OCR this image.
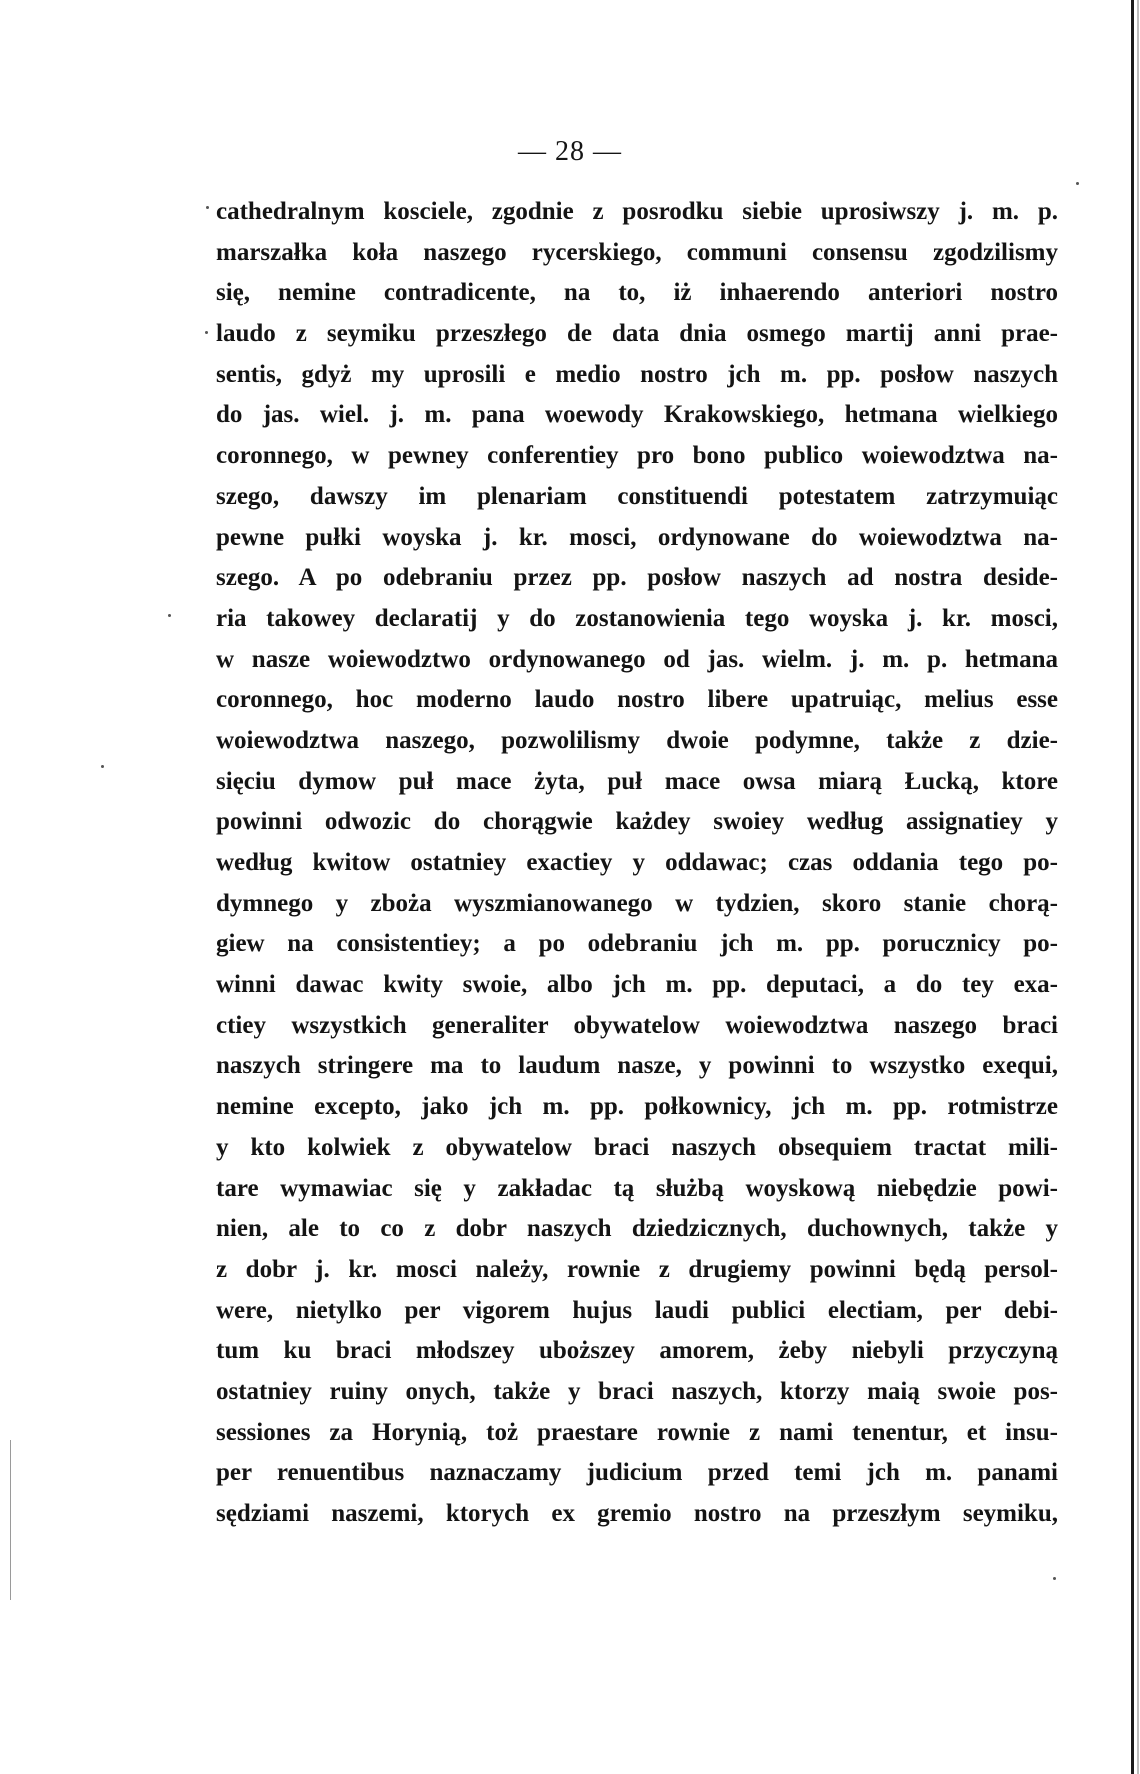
— 28 —
cathedralnym kosciele, zgodnie z posrodku siebie uprosiwszy j. m. p.
marszałka koła naszego rycerskiego, communi consensu zgodzilismy
się, nemine contradicente, na to, iż inhaerendo anteriori nostro
laudo z seymiku przeszłego de data dnia osmego martij anni prae-
sentis, gdyż my uprosili e medio nostro jch m. pp. posłow naszych
do jas. wiel. j. m. pana woewody Krakowskiego, hetmana wielkiego
coronnego, w pewney conferentiey pro bono publico woiewodztwa na-
szego, dawszy im plenariam constituendi potestatem zatrzymuiąc
pewne pułki woyska j. kr. mosci, ordynowane do woiewodztwa na-
szego. A po odebraniu przez pp. posłow naszych ad nostra deside-
ria takowey declaratij y do zostanowienia tego woyska j. kr. mosci,
w nasze woiewodztwo ordynowanego od jas. wielm. j. m. p. hetmana
coronnego, hoc moderno laudo nostro libere upatruiąc, melius esse
woiewodztwa naszego, pozwolilismy dwoie podymne, także z dzie-
sięciu dymow puł mace żyta, puł mace owsa miarą Łucką, ktore
powinni odwozic do chorągwie każdey swoiey według assignatiey y
według kwitow ostatniey exactiey y oddawac; czas oddania tego po-
dymnego y zboża wyszmianowanego w tydzien, skoro stanie chorą-
giew na consistentiey; a po odebraniu jch m. pp. porucznicy po-
winni dawac kwity swoie, albo jch m. pp. deputaci, a do tey exa-
ctiey wszystkich generaliter obywatelow woiewodztwa naszego braci
naszych stringere ma to laudum nasze, y powinni to wszystko exequi,
nemine excepto, jako jch m. pp. połkownicy, jch m. pp. rotmistrze
y kto kolwiek z obywatelow braci naszych obsequiem tractat mili-
tare wymawiac się y zakładac tą służbą woyskową niebędzie powi-
nien, ale to co z dobr naszych dziedzicznych, duchownych, także y
z dobr j. kr. mosci należy, rownie z drugiemy powinni będą persol-
were, nietylko per vigorem hujus laudi publici electiam, per debi-
tum ku braci młodszey uboższey amorem, żeby niebyli przyczyną
ostatniey ruiny onych, także y braci naszych, ktorzy maią swoie pos-
sessiones za Horynią, toż praestare rownie z nami tenentur, et insu-
per renuentibus naznaczamy judicium przed temi jch m. panami
sędziami naszemi, ktorych ex gremio nostro na przeszłym seymiku,
